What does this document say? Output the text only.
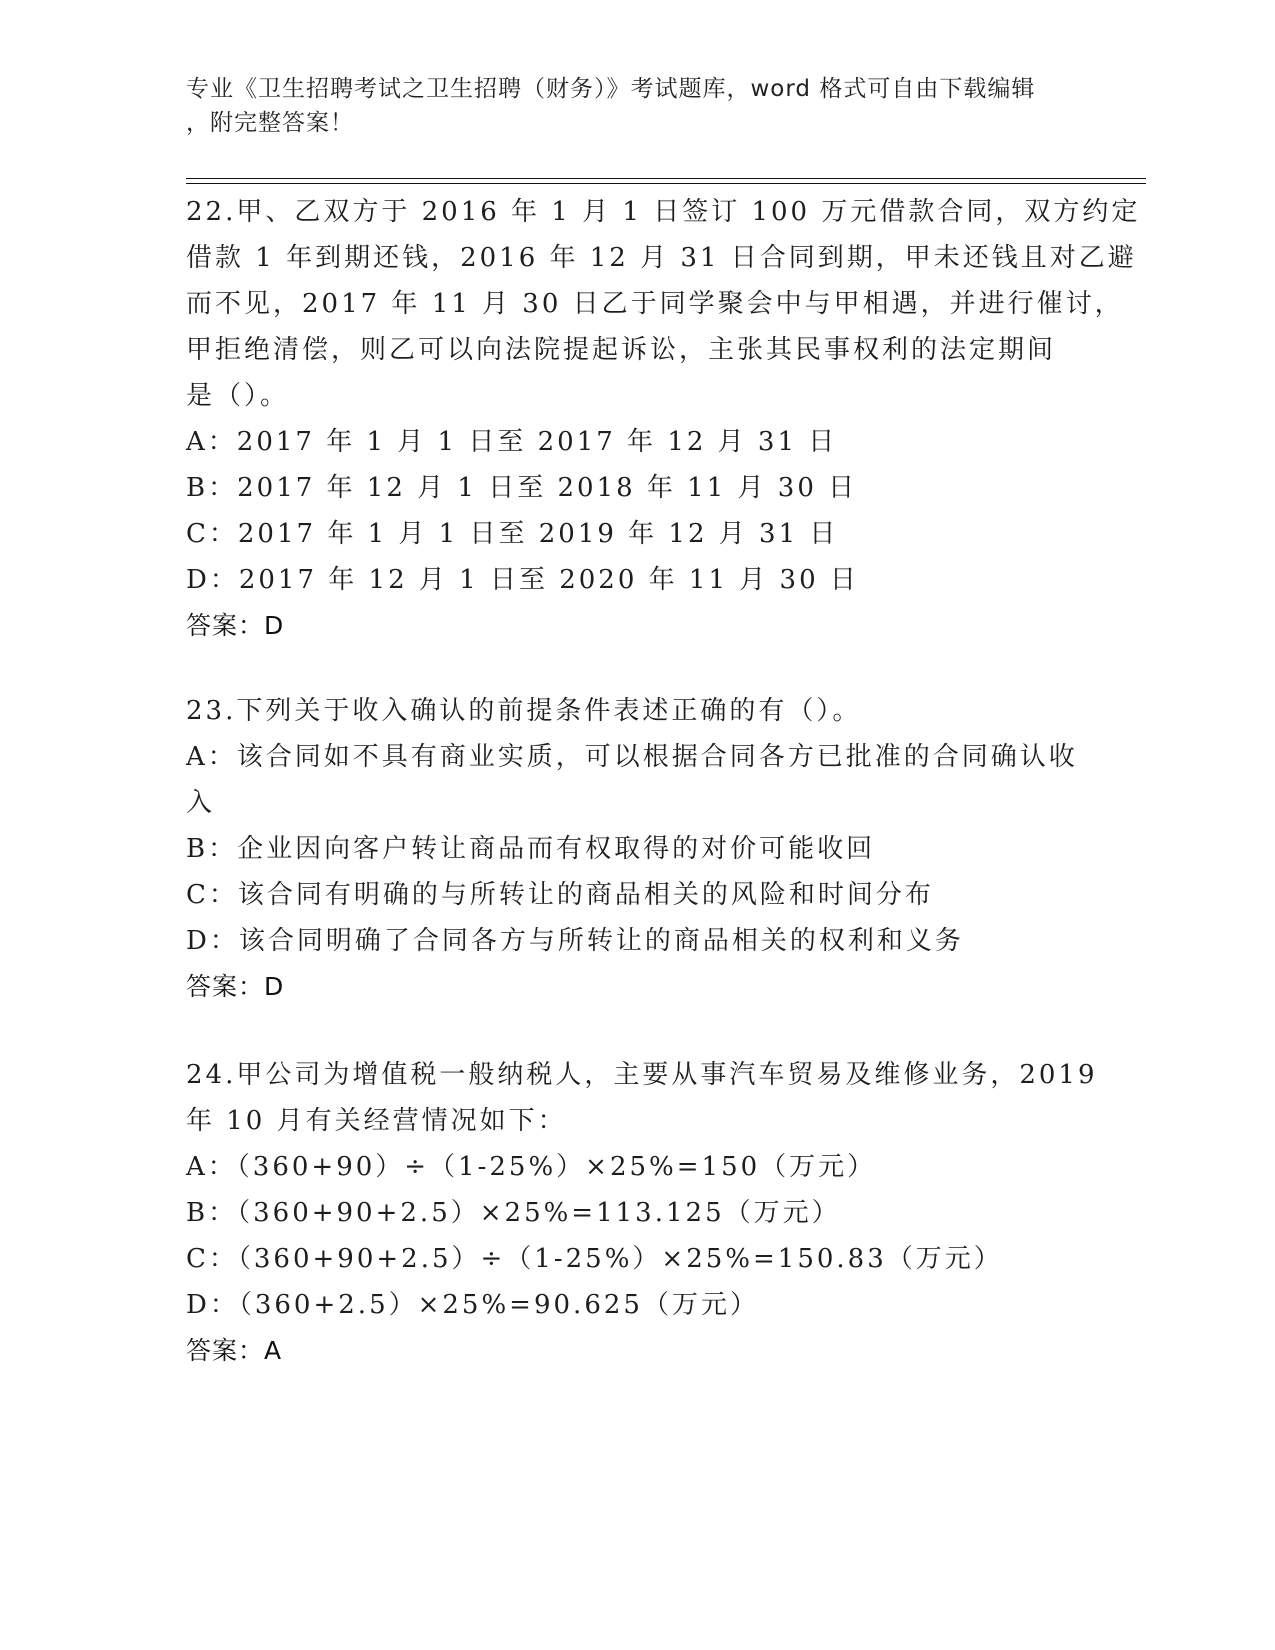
专业《卫生招聘考试之卫生招聘（财务）》考试题库，word 格式可自由下载编辑
，附完整答案！
22.甲、乙双方于 2016 年 1 月 1 日签订 100 万元借款合同，双方约定
借款 1 年到期还钱，2016 年 12 月 31 日合同到期，甲未还钱且对乙避
而不见，2017 年 11 月 30 日乙于同学聚会中与甲相遇，并进行催讨，
甲拒绝清偿，则乙可以向法院提起诉讼，主张其民事权利的法定期间
是（）。
A：2017 年 1 月 1 日至 2017 年 12 月 31 日
B：2017 年 12 月 1 日至 2018 年 11 月 30 日
C：2017 年 1 月 1 日至 2019 年 12 月 31 日
D：2017 年 12 月 1 日至 2020 年 11 月 30 日
答案：D
23.下列关于收入确认的前提条件表述正确的有（）。
A：该合同如不具有商业实质，可以根据合同各方已批准的合同确认收
入
B：企业因向客户转让商品而有权取得的对价可能收回
C：该合同有明确的与所转让的商品相关的风险和时间分布
D：该合同明确了合同各方与所转让的商品相关的权利和义务
答案：D
24.甲公司为增值税一般纳税人，主要从事汽车贸易及维修业务，2019
年 10 月有关经营情况如下：
A：（360+90）÷（1-25%）×25%=150（万元）
B：（360+90+2.5）×25%=113.125（万元）
C：（360+90+2.5）÷（1-25%）×25%=150.83（万元）
D：（360+2.5）×25%=90.625（万元）
答案：A
